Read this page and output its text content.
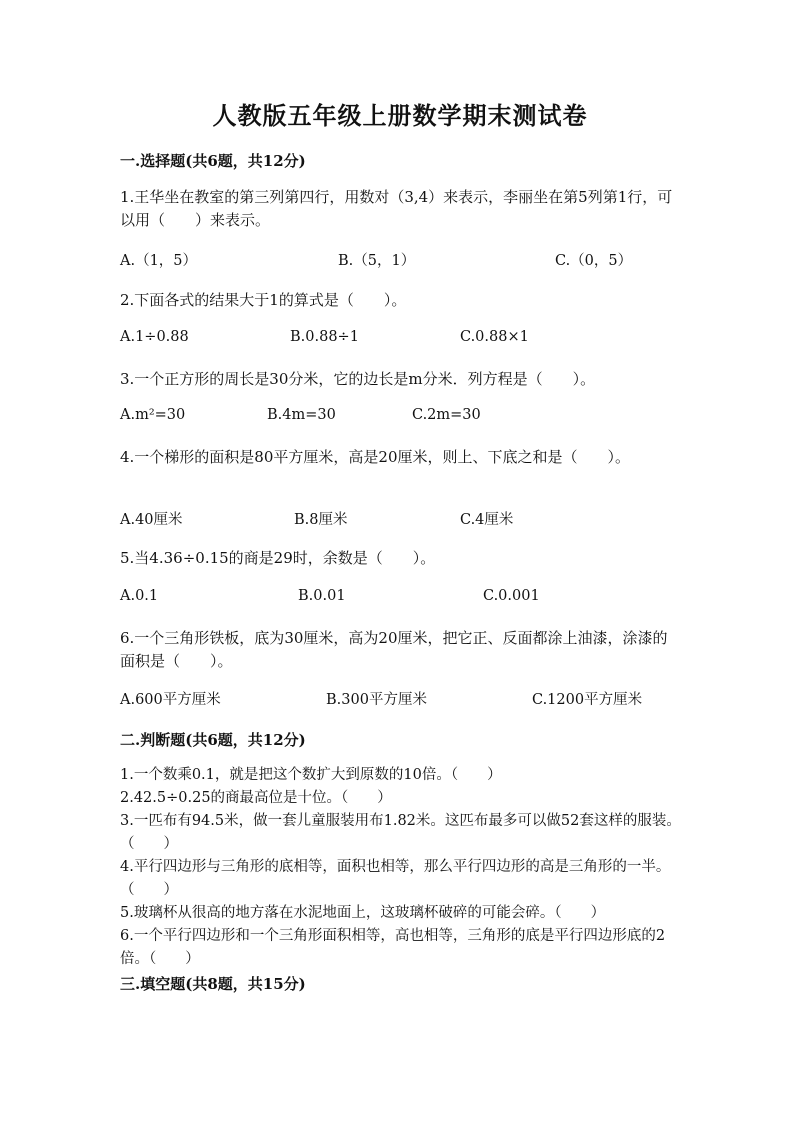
人教版五年级上册数学期末测试卷
一.选择题(共6题，共12分)
1.王华坐在教室的第三列第四行，用数对（3,4）来表示，李丽坐在第5列第1行，可以用（　　）来表示。
A.（1，5）	B.（5，1）	C.（0，5）
2.下面各式的结果大于1的算式是（　　）。
A.1÷0.88	B.0.88÷1	C.0.88×1
3.一个正方形的周长是30分米，它的边长是m分米．列方程是（　　）。
A.m²=30	B.4m=30	C.2m=30
4.一个梯形的面积是80平方厘米，高是20厘米，则上、下底之和是（　　）。
A.40厘米	B.8厘米	C.4厘米
5.当4.36÷0.15的商是29时，余数是（　　）。
A.0.1	B.0.01	C.0.001
6.一个三角形铁板，底为30厘米，高为20厘米，把它正、反面都涂上油漆，涂漆的面积是（　　）。
A.600平方厘米	B.300平方厘米	C.1200平方厘米
二.判断题(共6题，共12分)
1.一个数乘0.1，就是把这个数扩大到原数的10倍。（　　）
2.42.5÷0.25的商最高位是十位。（　　）
3.一匹布有94.5米，做一套儿童服装用布1.82米。这匹布最多可以做52套这样的服装。（　　）
4.平行四边形与三角形的底相等，面积也相等，那么平行四边形的高是三角形的一半。（　　）
5.玻璃杯从很高的地方落在水泥地面上，这玻璃杯破碎的可能会碎。（　　）
6.一个平行四边形和一个三角形面积相等，高也相等，三角形的底是平行四边形底的2倍。（　　）
三.填空题(共8题，共15分)
